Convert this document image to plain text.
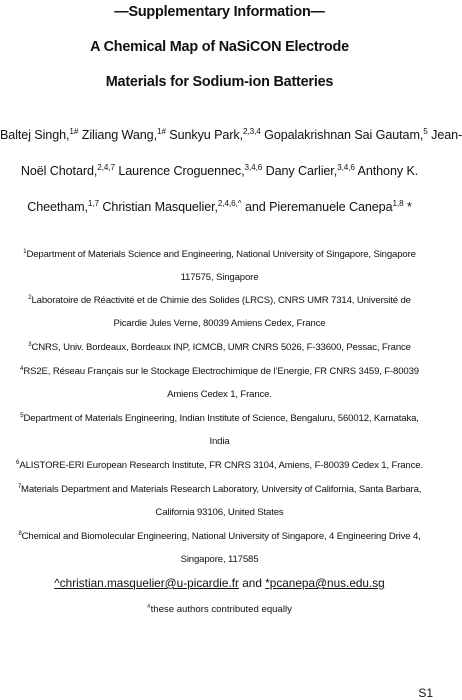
—Supplementary Information—
A Chemical Map of NaSiCON Electrode
Materials for Sodium-ion Batteries
Baltej Singh,$^{1\#}$ Ziliang Wang,$^{1\#}$ Sunkyu Park,$^{2,3,4}$ Gopalakrishnan Sai Gautam,$^5$ Jean-
Noël Chotard,$^{2,4,7}$ Laurence Croguennec,$^{3,4,6}$ Dany Carlier,$^{3,4,6}$ Anthony K.
Cheetham,$^{1,7}$ Christian Masquelier,$^{2,4,6,\^{}}$ and Pieremanuele Canepa$^{1,8}$ *
$^1$Department of Materials Science and Engineering, National University of Singapore, Singapore
117575, Singapore
$^2$Laboratoire de Réactivité et de Chimie des Solides (LRCS), CNRS UMR 7314, Université de
Picardie Jules Verne, 80039 Amiens Cedex, France
$^3$CNRS, Univ. Bordeaux, Bordeaux INP, ICMCB, UMR CNRS 5026, F-33600, Pessac, France
$^4$RS2E, Réseau Français sur le Stockage Electrochimique de l’Energie, FR CNRS 3459, F-80039
Amiens Cedex 1, France.
$^5$Department of Materials Engineering, Indian Institute of Science, Bengaluru, 560012, Karnataka,
India
$^6$ALISTORE-ERI European Research Institute, FR CNRS 3104, Amiens, F-80039 Cedex 1, France.
$^7$Materials Department and Materials Research Laboratory, University of California, Santa Barbara,
California 93106, United States
$^8$Chemical and Biomolecular Engineering, National University of Singapore, 4 Engineering Drive 4,
Singapore, 117585
^christian.masquelier@u-picardie.fr and *pcanepa@nus.edu.sg
#these authors contributed equally
S1
